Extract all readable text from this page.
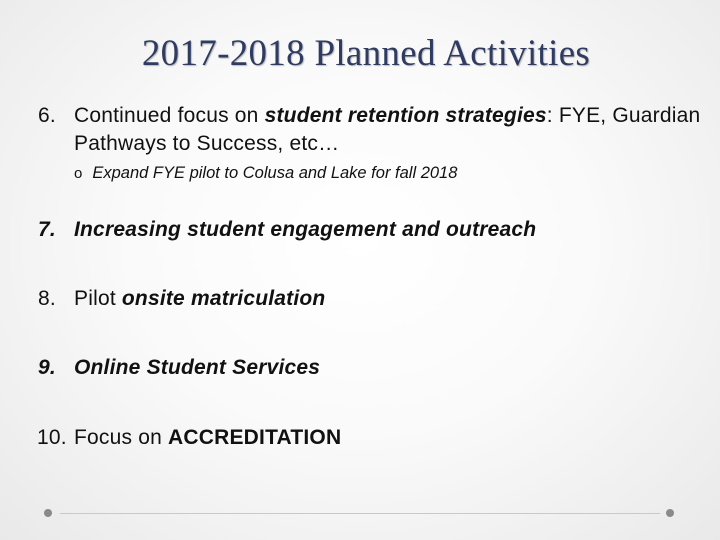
2017-2018 Planned Activities
6. Continued focus on student retention strategies: FYE, Guardian Pathways to Success, etc…
o Expand FYE pilot to Colusa and Lake for fall 2018
7. Increasing student engagement and outreach
8. Pilot onsite matriculation
9. Online Student Services
10. Focus on ACCREDITATION
